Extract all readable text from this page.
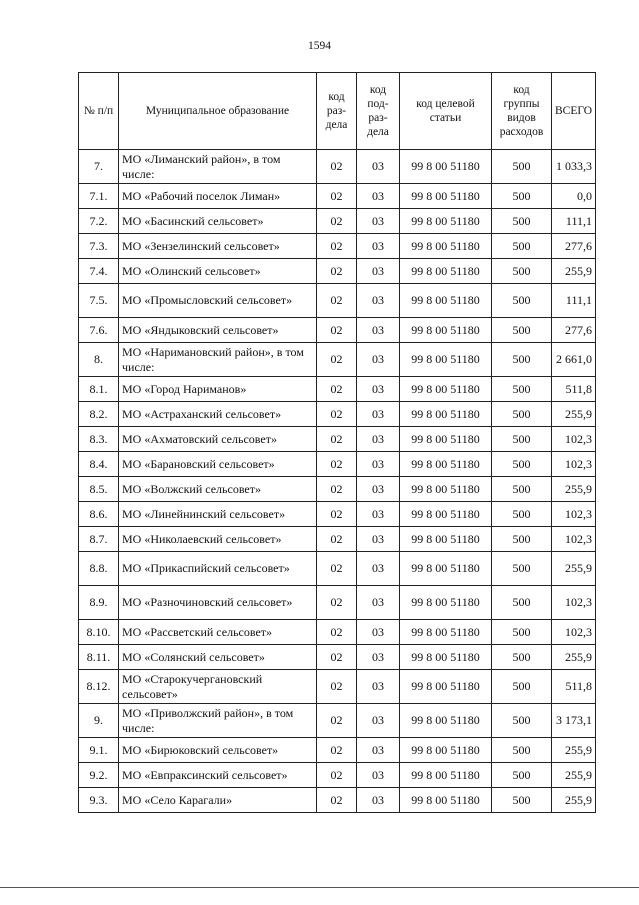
1594
№ п/п	Муниципальное образование	код раз- дела	код под- раз- дела	код целевой статьи	код группы видов расходов	ВСЕГО
7.	МО «Лиманский район», в том числе:	02	03	99 8 00 51180	500	1 033,3
7.1.	МО «Рабочий поселок Лиман»	02	03	99 8 00 51180	500	0,0
7.2.	МО «Басинский сельсовет»	02	03	99 8 00 51180	500	111,1
7.3.	МО «Зензелинский сельсовет»	02	03	99 8 00 51180	500	277,6
7.4.	МО «Олинский сельсовет»	02	03	99 8 00 51180	500	255,9
7.5.	МО «Промысловский сельсовет»	02	03	99 8 00 51180	500	111,1
7.6.	МО «Яндыковский сельсовет»	02	03	99 8 00 51180	500	277,6
8.	МО «Наримановский район», в том числе:	02	03	99 8 00 51180	500	2 661,0
8.1.	МО «Город Нариманов»	02	03	99 8 00 51180	500	511,8
8.2.	МО «Астраханский сельсовет»	02	03	99 8 00 51180	500	255,9
8.3.	МО «Ахматовский сельсовет»	02	03	99 8 00 51180	500	102,3
8.4.	МО «Барановский сельсовет»	02	03	99 8 00 51180	500	102,3
8.5.	МО «Волжский сельсовет»	02	03	99 8 00 51180	500	255,9
8.6.	МО «Линейнинский сельсовет»	02	03	99 8 00 51180	500	102,3
8.7.	МО «Николаевский сельсовет»	02	03	99 8 00 51180	500	102,3
8.8.	МО «Прикаспийский сельсовет»	02	03	99 8 00 51180	500	255,9
8.9.	МО «Разночиновский сельсовет»	02	03	99 8 00 51180	500	102,3
8.10.	МО «Рассветский сельсовет»	02	03	99 8 00 51180	500	102,3
8.11.	МО «Солянский сельсовет»	02	03	99 8 00 51180	500	255,9
8.12.	МО «Старокучергановский сельсовет»	02	03	99 8 00 51180	500	511,8
9.	МО «Приволжский район», в том числе:	02	03	99 8 00 51180	500	3 173,1
9.1.	МО «Бирюковский сельсовет»	02	03	99 8 00 51180	500	255,9
9.2.	МО «Евпраксинский сельсовет»	02	03	99 8 00 51180	500	255,9
9.3.	МО «Село Карагали»	02	03	99 8 00 51180	500	255,9
